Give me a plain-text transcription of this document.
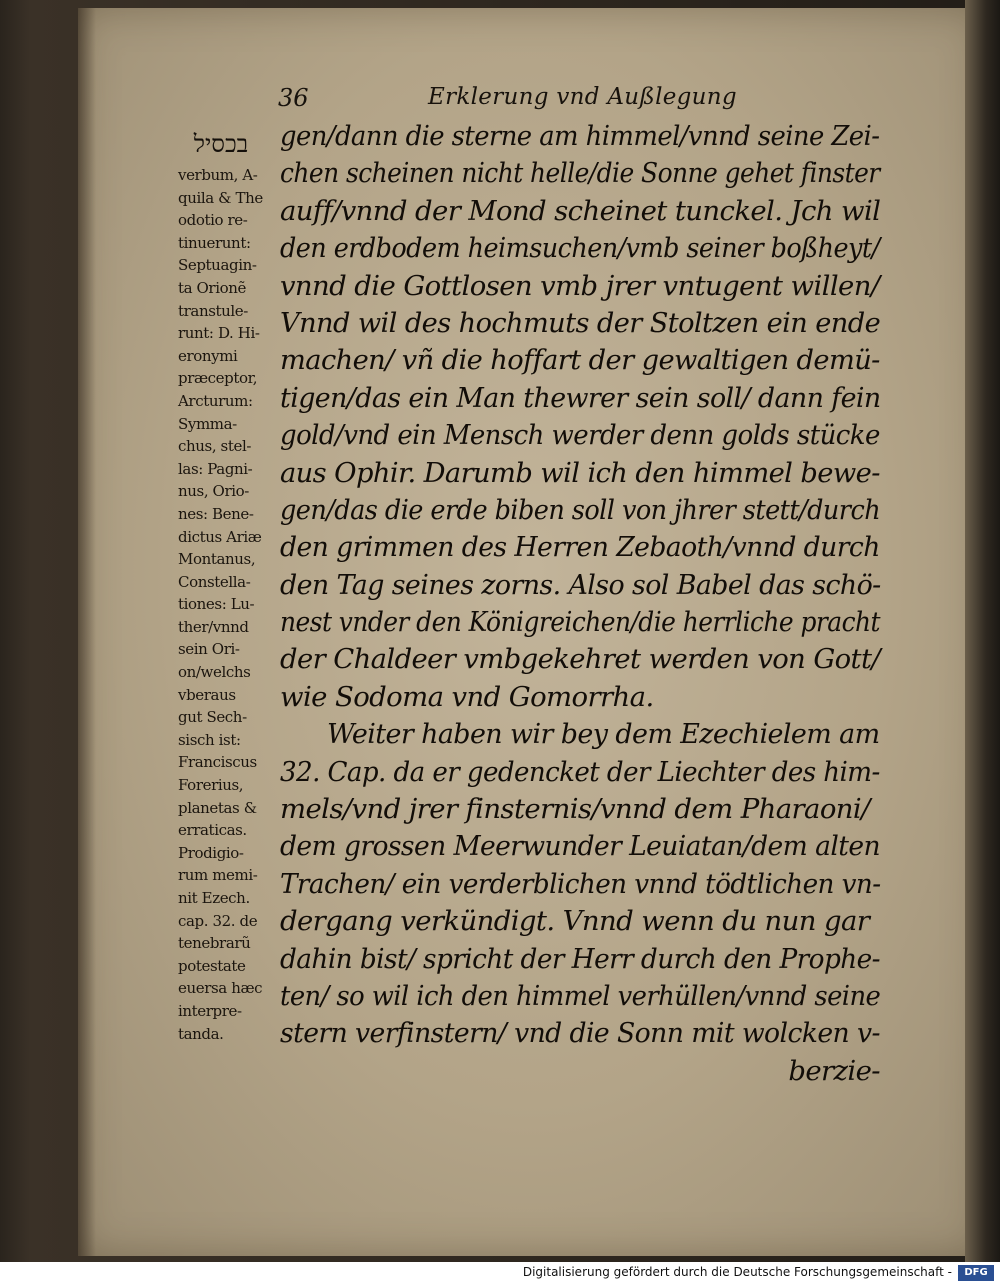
36	Erklerung vnd Außlegung
בכסיל
verbum, A-
quila & The
odotio re-
tinuerunt:
Septuagin-
ta Orionẽ
transtule-
runt: D. Hi-
eronymi
præceptor,
Arcturum:
Symma-
chus, stel-
las: Pagni-
nus, Orio-
nes: Bene-
dictus Ariæ
Montanus,
Constella-
tiones: Lu-
ther/vnnd
sein Ori-
on/welchs
vberaus
gut Sech-
sisch ist:
Franciscus
Forerius,
planetas &
erraticas.
Prodigio-
rum memi-
nit Ezech.
cap. 32. de
tenebrarũ
potestate
euersa hæc
interpre-
tanda.
gen/dann die sterne am himmel/vnnd seine Zei-
chen scheinen nicht helle/die Sonne gehet finster
auff/vnnd der Mond scheinet tunckel. Jch wil
den erdbodem heimsuchen/vmb seiner boßheyt/
vnnd die Gottlosen vmb jrer vntugent willen/
Vnnd wil des hochmuts der Stoltzen ein ende
machen/ vñ die hoffart der gewaltigen demü-
tigen/das ein Man thewrer sein soll/ dann fein
gold/vnd ein Mensch werder denn golds stücke
aus Ophir. Darumb wil ich den himmel bewe-
gen/das die erde biben soll von jhrer stett/durch
den grimmen des Herren Zebaoth/vnnd durch
den Tag seines zorns. Also sol Babel das schö-
nest vnder den Königreichen/die herrliche pracht
der Chaldeer vmbgekehret werden von Gott/
wie Sodoma vnd Gomorrha.
Weiter haben wir bey dem Ezechielem am
32. Cap. da er gedencket der Liechter des him-
mels/vnd jrer finsternis/vnnd dem Pharaoni/
dem grossen Meerwunder Leuiatan/dem alten
Trachen/ ein verderblichen vnnd tödtlichen vn-
dergang verkündigt. Vnnd wenn du nun gar
dahin bist/ spricht der Herr durch den Prophe-
ten/ so wil ich den himmel verhüllen/vnnd seine
stern verfinstern/ vnd die Sonn mit wolcken v-
berzie-
Digitalisierung gefördert durch die Deutsche Forschungsgemeinschaft -	DFG
